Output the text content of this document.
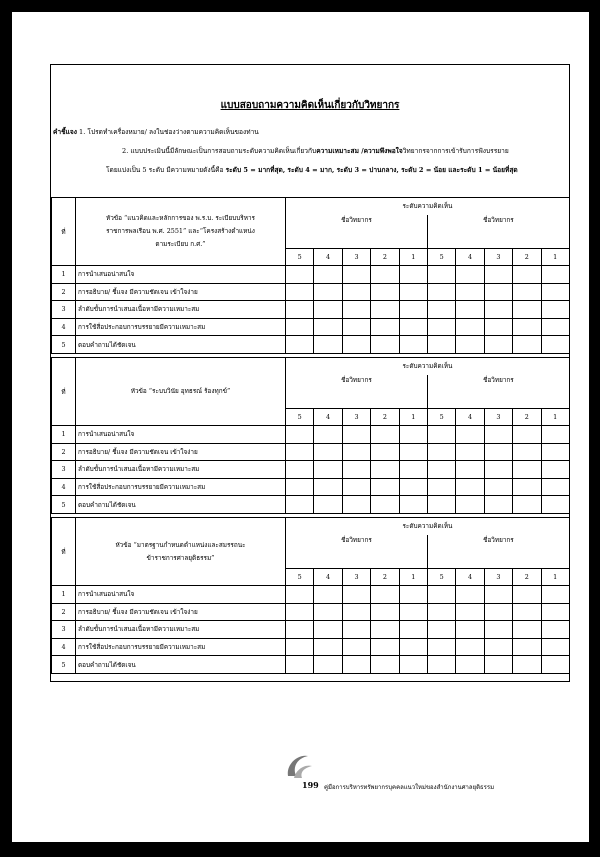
แบบสอบถามความคิดเห็นเกี่ยวกับวิทยากร
คำชี้แจง 1. โปรดทำเครื่องหมาย/ ลงในช่องว่างตามความคิดเห็นของท่าน
2. แบบประเมินนี้มีลักษณะเป็นการสอบถามระดับความคิดเห็นเกี่ยวกับความเหมาะสม /ความพึงพอใจวิทยากรจากการเข้ารับการฟังบรรยาย
โดยแบ่งเป็น 5 ระดับ มีความหมายดังนี้คือ ระดับ 5 = มากที่สุด, ระดับ 4 = มาก, ระดับ 3 = ปานกลาง, ระดับ 2 = น้อย และระดับ 1 = น้อยที่สุด
ที่	หัวข้อ “แนวคิดและหลักการของ พ.ร.บ. ระเบียบบริหาร
ราชการพลเรือน พ.ศ. 2551” และ“โครงสร้างตำแหน่ง
ตามระเบียบ ก.ศ.”	ระดับความคิดเห็น									
		ชื่อวิทยากร					ชื่อวิทยากร				
		5	4	3	2	1	5	4	3	2	1
1	การนำเสนอน่าสนใจ										
2	การอธิบาย/ ชี้แจง มีความชัดเจน เข้าใจง่าย										
3	ลำดับขั้นการนำเสนอเนื้อหามีความเหมาะสม										
4	การใช้สื่อประกอบการบรรยายมีความเหมาะสม										
5	ตอบคำถามได้ชัดเจน										
ที่	หัวข้อ “ระบบวินัย อุทธรณ์ ร้องทุกข์”	ระดับความคิดเห็น									
		ชื่อวิทยากร					ชื่อวิทยากร				
		5	4	3	2	1	5	4	3	2	1
1	การนำเสนอน่าสนใจ										
2	การอธิบาย/ ชี้แจง มีความชัดเจน เข้าใจง่าย										
3	ลำดับขั้นการนำเสนอเนื้อหามีความเหมาะสม										
4	การใช้สื่อประกอบการบรรยายมีความเหมาะสม										
5	ตอบคำถามได้ชัดเจน										
ที่	หัวข้อ “มาตรฐานกำหนดตำแหน่งและสมรรถนะ
ข้าราชการศาลยุติธรรม”	ระดับความคิดเห็น									
		ชื่อวิทยากร					ชื่อวิทยากร				
		5	4	3	2	1	5	4	3	2	1
1	การนำเสนอน่าสนใจ										
2	การอธิบาย/ ชี้แจง มีความชัดเจน เข้าใจง่าย										
3	ลำดับขั้นการนำเสนอเนื้อหามีความเหมาะสม										
4	การใช้สื่อประกอบการบรรยายมีความเหมาะสม										
5	ตอบคำถามได้ชัดเจน										
199 คู่มือการบริหารทรัพยากรบุคคลแนวใหม่ของสำนักงานศาลยุติธรรม
[1276x1789] https://upic.me/
